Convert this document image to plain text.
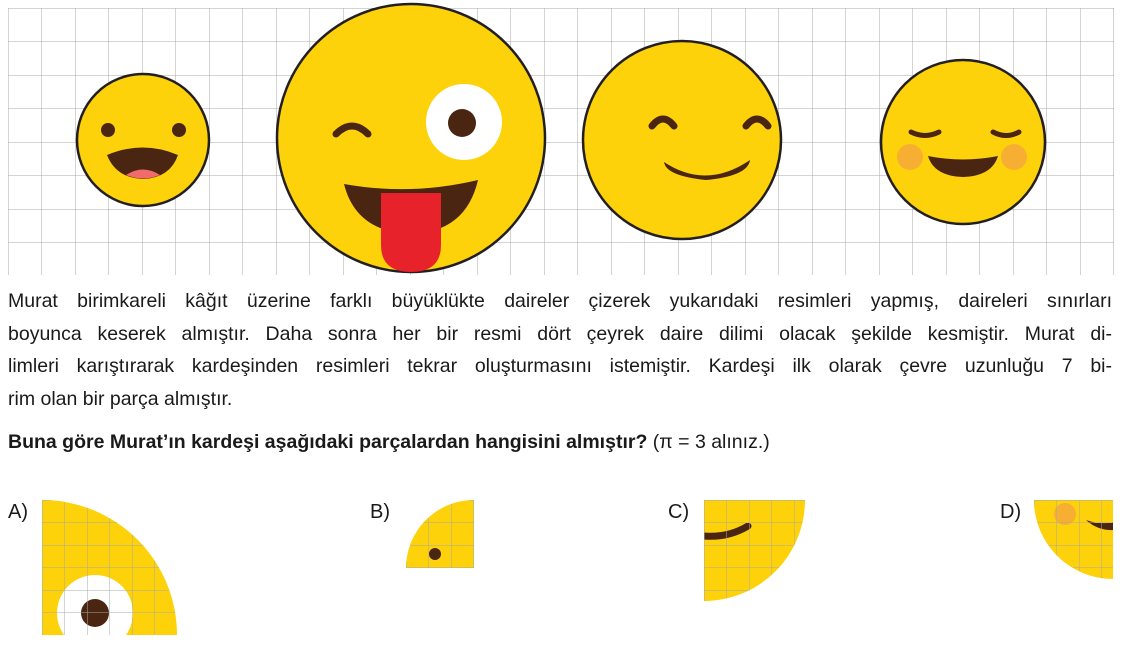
Murat birimkareli kâğıt üzerine farklı büyüklükte daireler çizerek yukarıdaki resimleri yapmış, daireleri sınırları
boyunca keserek almıştır. Daha sonra her bir resmi dört çeyrek daire dilimi olacak şekilde kesmiştir. Murat di-
limleri karıştırarak kardeşinden resimleri tekrar oluşturmasını istemiştir. Kardeşi ilk olarak çevre uzunluğu 7 bi-
rim olan bir parça almıştır.

Buna göre Murat’ın kardeşi aşağıdaki parçalardan hangisini almıştır? (π = 3 alınız.)

A)	B)	C)	D)
